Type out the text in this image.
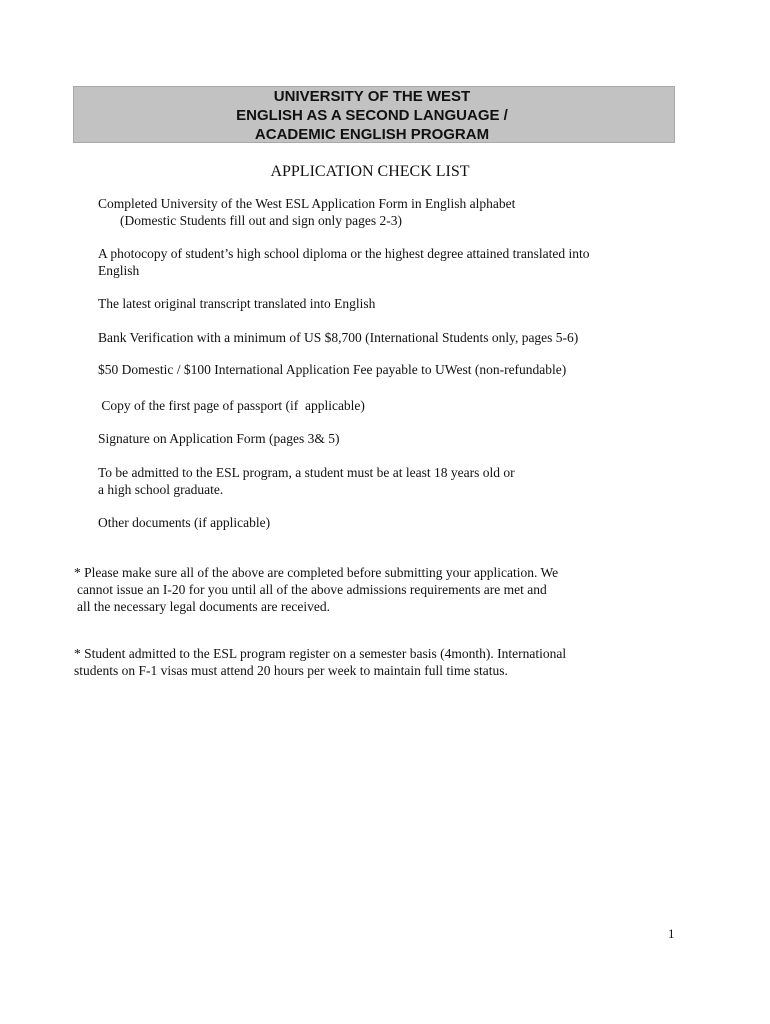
UNIVERSITY OF THE WEST
ENGLISH AS A SECOND LANGUAGE /
ACADEMIC ENGLISH PROGRAM
APPLICATION CHECK LIST
Completed University of the West ESL Application Form in English alphabet
(Domestic Students fill out and sign only pages 2-3)
A photocopy of student’s high school diploma or the highest degree attained translated into
English
The latest original transcript translated into English
Bank Verification with a minimum of US $8,700 (International Students only, pages 5-6)
$50 Domestic / $100 International Application Fee payable to UWest (non-refundable)
Copy of the first page of passport (if  applicable)
Signature on Application Form (pages 3& 5)
To be admitted to the ESL program, a student must be at least 18 years old or
a high school graduate.
Other documents (if applicable)
* Please make sure all of the above are completed before submitting your application. We
cannot issue an I-20 for you until all of the above admissions requirements are met and
all the necessary legal documents are received.
* Student admitted to the ESL program register on a semester basis (4month). International
students on F-1 visas must attend 20 hours per week to maintain full time status.
1
